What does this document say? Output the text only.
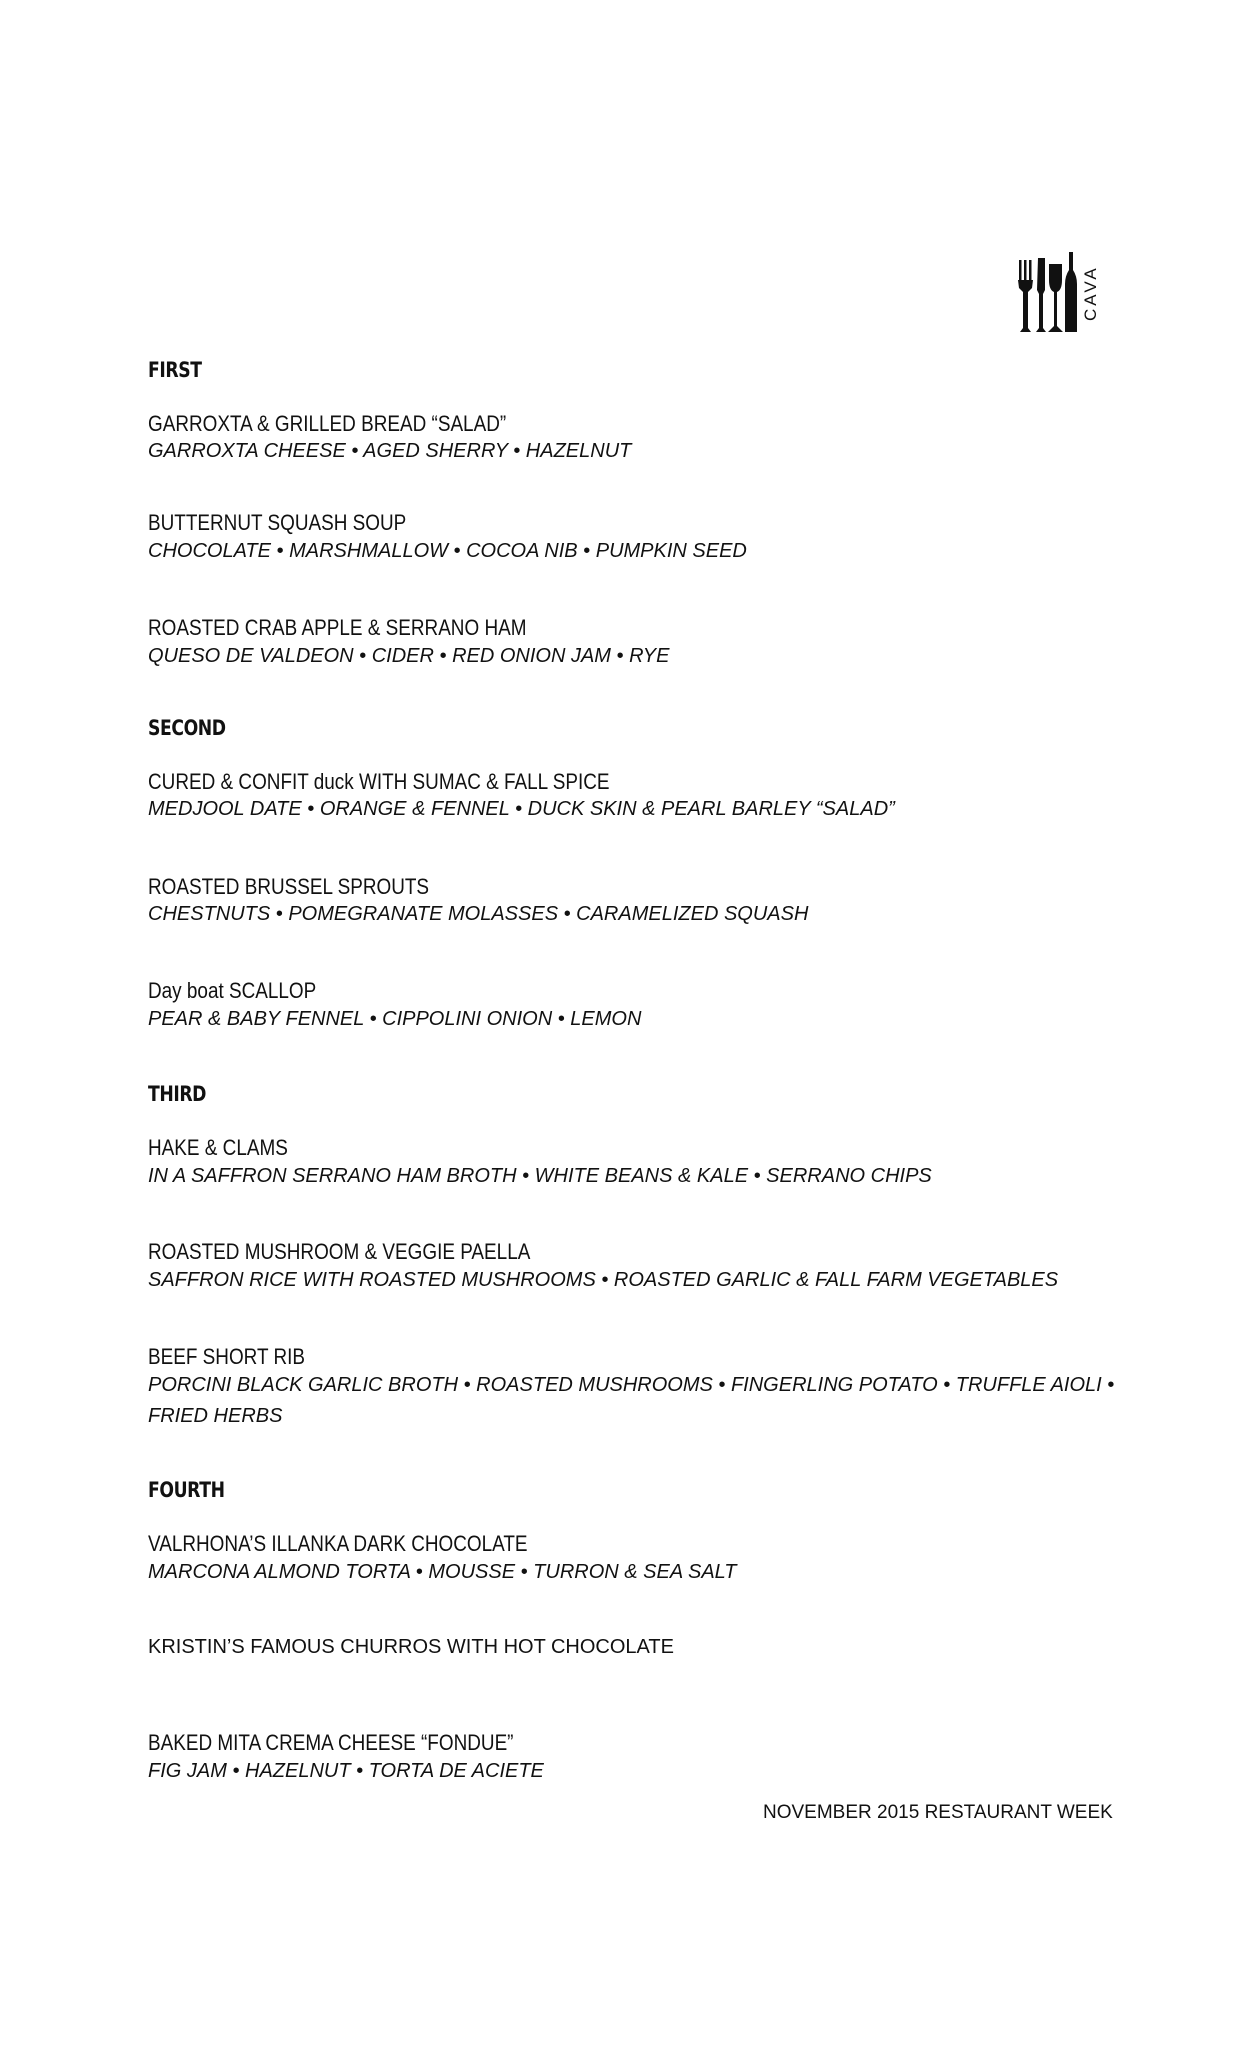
CAVA
FIRST
GARROXTA & GRILLED BREAD “SALAD”
GARROXTA CHEESE • AGED SHERRY • HAZELNUT
BUTTERNUT SQUASH SOUP
CHOCOLATE • MARSHMALLOW • COCOA NIB • PUMPKIN SEED
ROASTED CRAB APPLE & SERRANO HAM
QUESO DE VALDEON • CIDER • RED ONION JAM • RYE
SECOND
CURED & CONFIT duck WITH SUMAC & FALL SPICE
MEDJOOL DATE • ORANGE & FENNEL • DUCK SKIN & PEARL BARLEY “SALAD”
ROASTED BRUSSEL SPROUTS
CHESTNUTS • POMEGRANATE MOLASSES • CARAMELIZED SQUASH
Day boat SCALLOP
PEAR & BABY FENNEL • CIPPOLINI ONION • LEMON
THIRD
HAKE & CLAMS
IN A SAFFRON SERRANO HAM BROTH • WHITE BEANS & KALE • SERRANO CHIPS
ROASTED MUSHROOM & VEGGIE PAELLA
SAFFRON RICE WITH ROASTED MUSHROOMS • ROASTED GARLIC & FALL FARM VEGETABLES
BEEF SHORT RIB
PORCINI BLACK GARLIC BROTH • ROASTED MUSHROOMS • FINGERLING POTATO • TRUFFLE AIOLI •
FRIED HERBS
FOURTH
VALRHONA’S ILLANKA DARK CHOCOLATE
MARCONA ALMOND TORTA • MOUSSE • TURRON & SEA SALT
KRISTIN’S FAMOUS CHURROS WITH HOT CHOCOLATE
BAKED MITA CREMA CHEESE “FONDUE”
FIG JAM • HAZELNUT • TORTA DE ACIETE
NOVEMBER 2015 RESTAURANT WEEK
